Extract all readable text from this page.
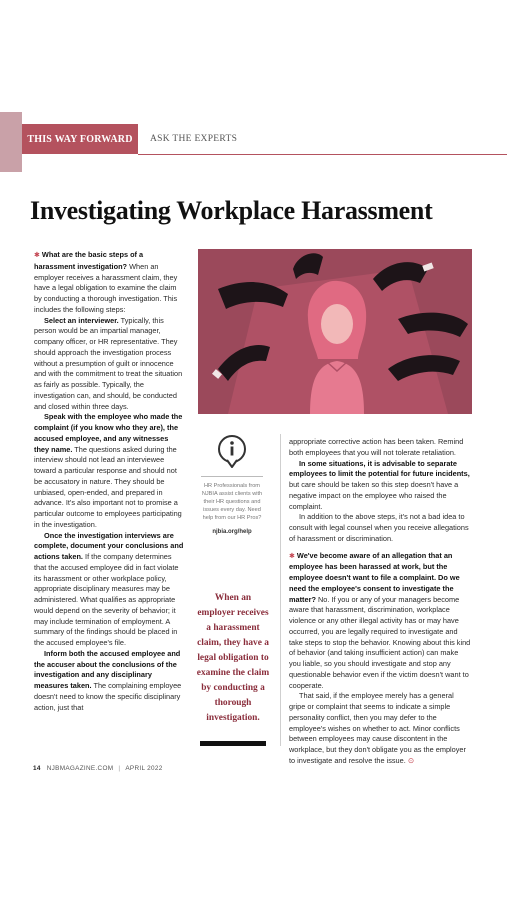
THIS WAY FORWARD	ASK THE EXPERTS
Investigating Workplace Harassment

✱ What are the basic steps of a harassment investigation? When an employer receives a harassment claim, they have a legal obligation to examine the claim by conducting a thorough investigation. This includes the following steps:

Select an interviewer. Typically, this person would be an impartial manager, company officer, or HR representative. They should approach the investigation process without a presumption of guilt or innocence and with the commitment to treat the situation as fairly as possible. Typically, the investigation can, and should, be conducted and closed within three days.

Speak with the employee who made the complaint (if you know who they are), the accused employee, and any witnesses they name. The questions asked during the interview should not lead an interviewee toward a particular response and should not be accusatory in nature. They should be unbiased, open-ended, and prepared in advance. It's also important not to promise a particular outcome to employees participating in the investigation.

Once the investigation interviews are complete, document your conclusions and actions taken. If the company determines that the accused employee did in fact violate its harassment or other workplace policy, appropriate disciplinary measures may be administered. What qualifies as appropriate would depend on the severity of behavior; it may include termination of employment. A summary of the findings should be placed in the accused employee's file.

Inform both the accused employee and the accuser about the conclusions of the investigation and any disciplinary measures taken. The complaining employee doesn't need to know the specific disciplinary action, just that

HR Professionals from NJBIA assist clients with their HR questions and issues every day. Need help from our HR Pros?
njbia.org/help
When an employer receives a harassment claim, they have a legal obligation to examine the claim by conducting a thorough investigation.

appropriate corrective action has been taken. Remind both employees that you will not tolerate retaliation.

In some situations, it is advisable to separate employees to limit the potential for future incidents, but care should be taken so this step doesn't have a negative impact on the employee who raised the complaint.

In addition to the above steps, it's not a bad idea to consult with legal counsel when you receive allegations of harassment or discrimination.

✱ We've become aware of an allegation that an employee has been harassed at work, but the employee doesn't want to file a complaint. Do we need the employee's consent to investigate the matter? No. If you or any of your managers become aware that harassment, discrimination, workplace violence or any other illegal activity has or may have occurred, you are legally required to investigate and take steps to stop the behavior. Knowing about this kind of behavior (and taking insufficient action) can make you liable, so you should investigate and stop any questionable behavior even if the victim doesn't want to cooperate.

That said, if the employee merely has a general gripe or complaint that seems to indicate a simple personality conflict, then you may defer to the employee's wishes on whether to act. Minor conflicts between employees may cause discontent in the workplace, but they don't obligate you as the employer to investigate and resolve the issue. ⊙

14 NJBMAGAZINE.COM | APRIL 2022
